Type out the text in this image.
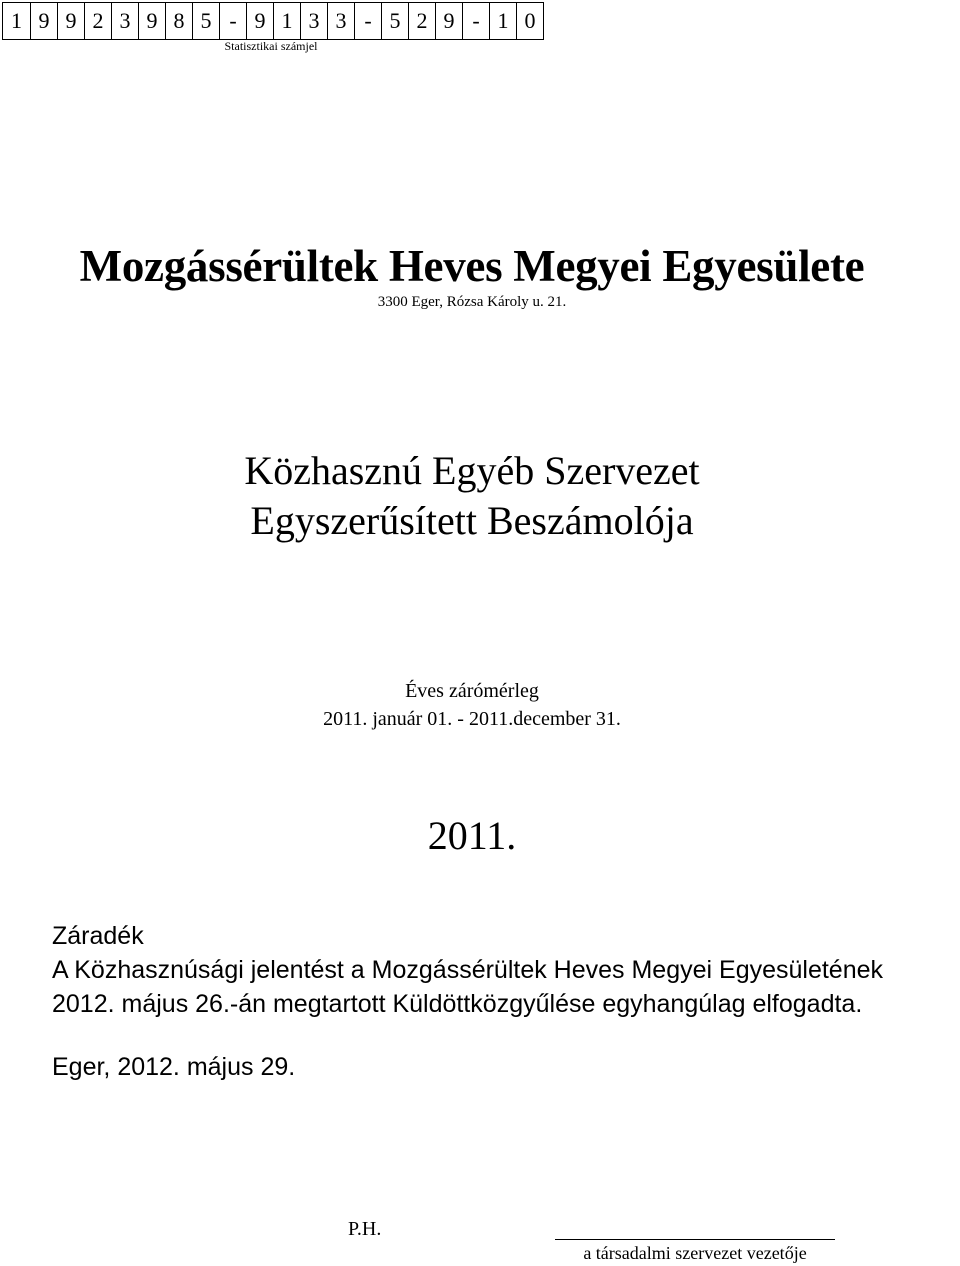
1 9 9 2 3 9 8 5 - 9 1 3 3 - 5 2 9 - 1 0
Statisztikai számjel
Mozgássérültek Heves Megyei Egyesülete
3300 Eger, Rózsa Károly u. 21.
Közhasznú Egyéb Szervezet
Egyszerűsített Beszámolója
Éves zárómérleg
2011. január 01. - 2011.december 31.
2011.
Záradék
A Közhasznúsági jelentést a Mozgássérültek Heves Megyei Egyesületének
2012. május 26.-án megtartott Küldöttközgyűlése egyhangúlag elfogadta.
Eger, 2012. május 29.
P.H.
a társadalmi szervezet vezetője
